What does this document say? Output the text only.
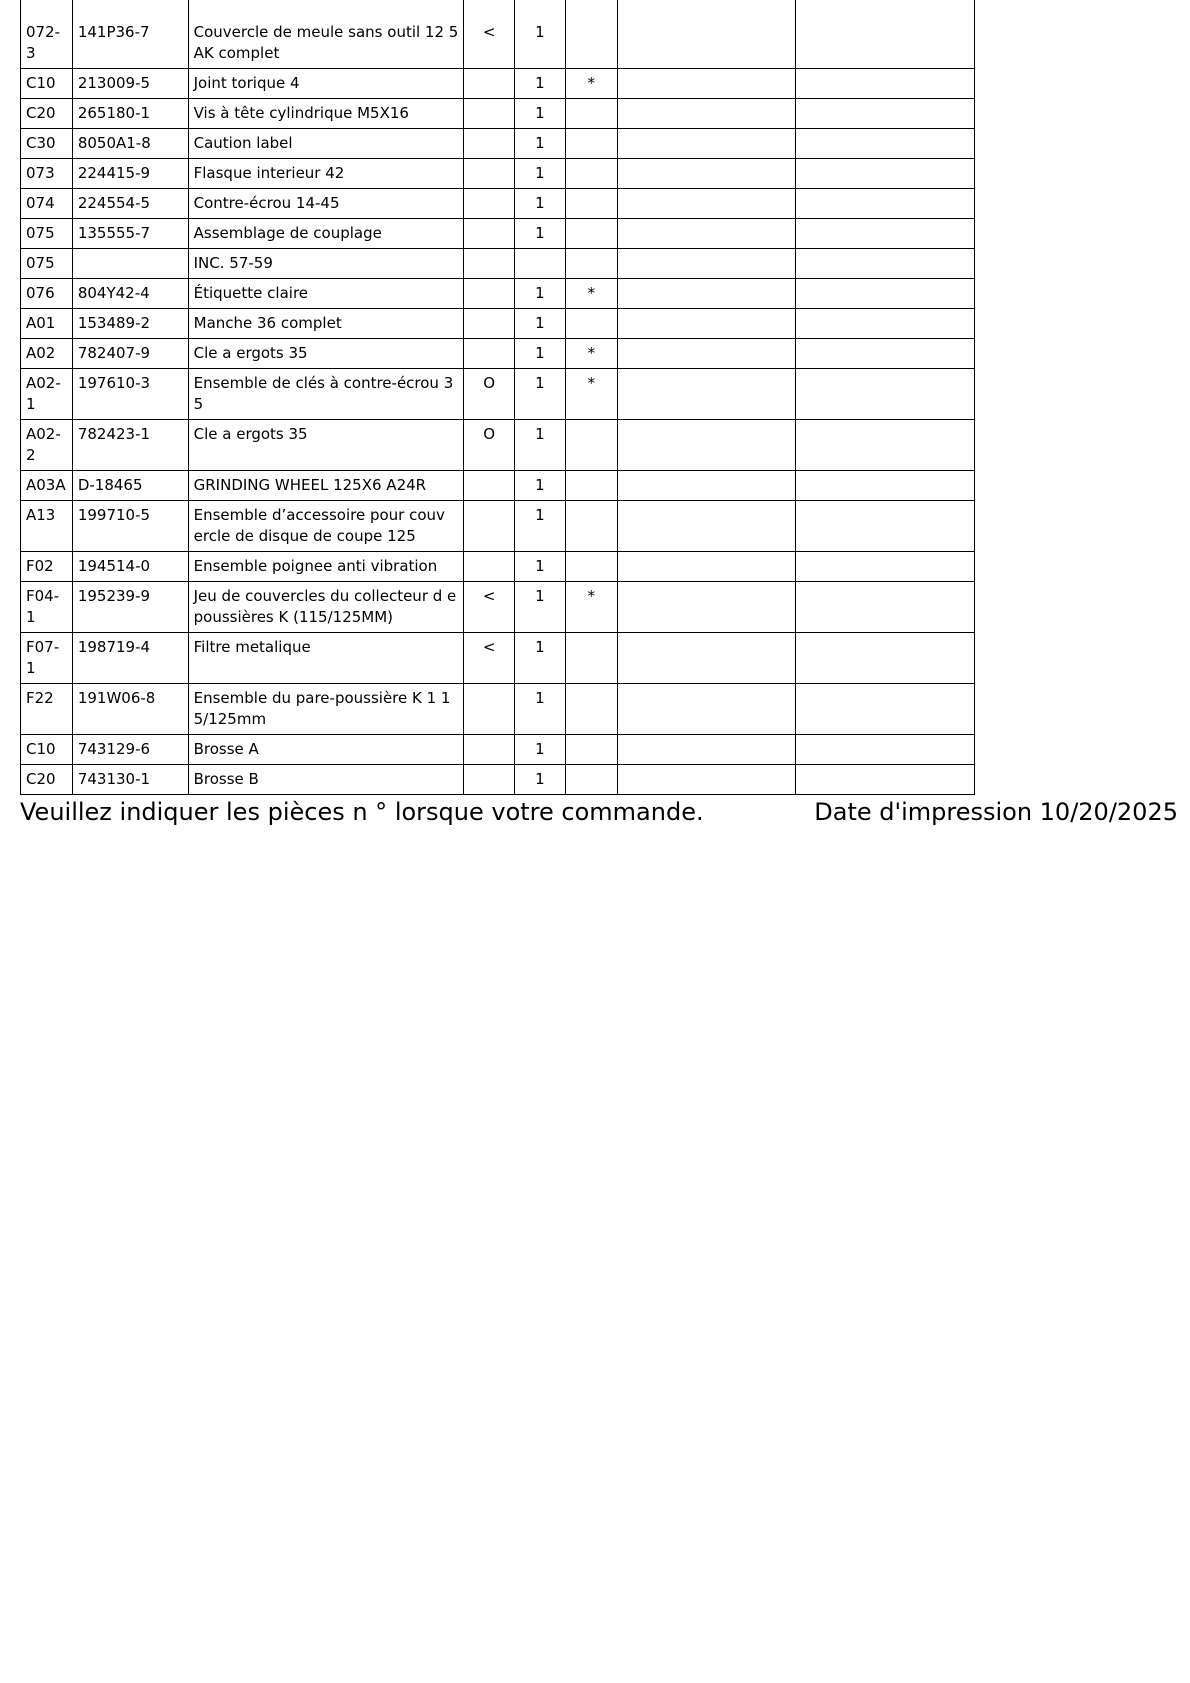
072-3	141P36-7	Couvercle de meule sans outil 12 5AK complet	<	1			
C10	213009-5	Joint torique 4		1	*		
C20	265180-1	Vis à tête cylindrique M5X16		1			
C30	8050A1-8	Caution label		1			
073	224415-9	Flasque interieur 42		1			
074	224554-5	Contre-écrou 14-45		1			
075	135555-7	Assemblage de couplage		1			
075		INC. 57-59					
076	804Y42-4	Étiquette claire		1	*		
A01	153489-2	Manche 36 complet		1			
A02	782407-9	Cle a ergots 35		1	*		
A02-1	197610-3	Ensemble de clés à contre-écrou 35	O	1	*		
A02-2	782423-1	Cle a ergots 35	O	1			
A03A	D-18465	GRINDING WHEEL 125X6 A24R		1			
A13	199710-5	Ensemble d’accessoire pour couv ercle de disque de coupe 125		1			
F02	194514-0	Ensemble poignee anti vibration		1			
F04-1	195239-9	Jeu de couvercles du collecteur d e poussières K (115/125MM)	<	1	*		
F07-1	198719-4	Filtre metalique	<	1			
F22	191W06-8	Ensemble du pare-poussière K 1 15/125mm		1			
C10	743129-6	Brosse A		1			
C20	743130-1	Brosse B		1			
Veuillez indiquer les pièces n ° lorsque votre commande.	Date d'impression 10/20/2025
